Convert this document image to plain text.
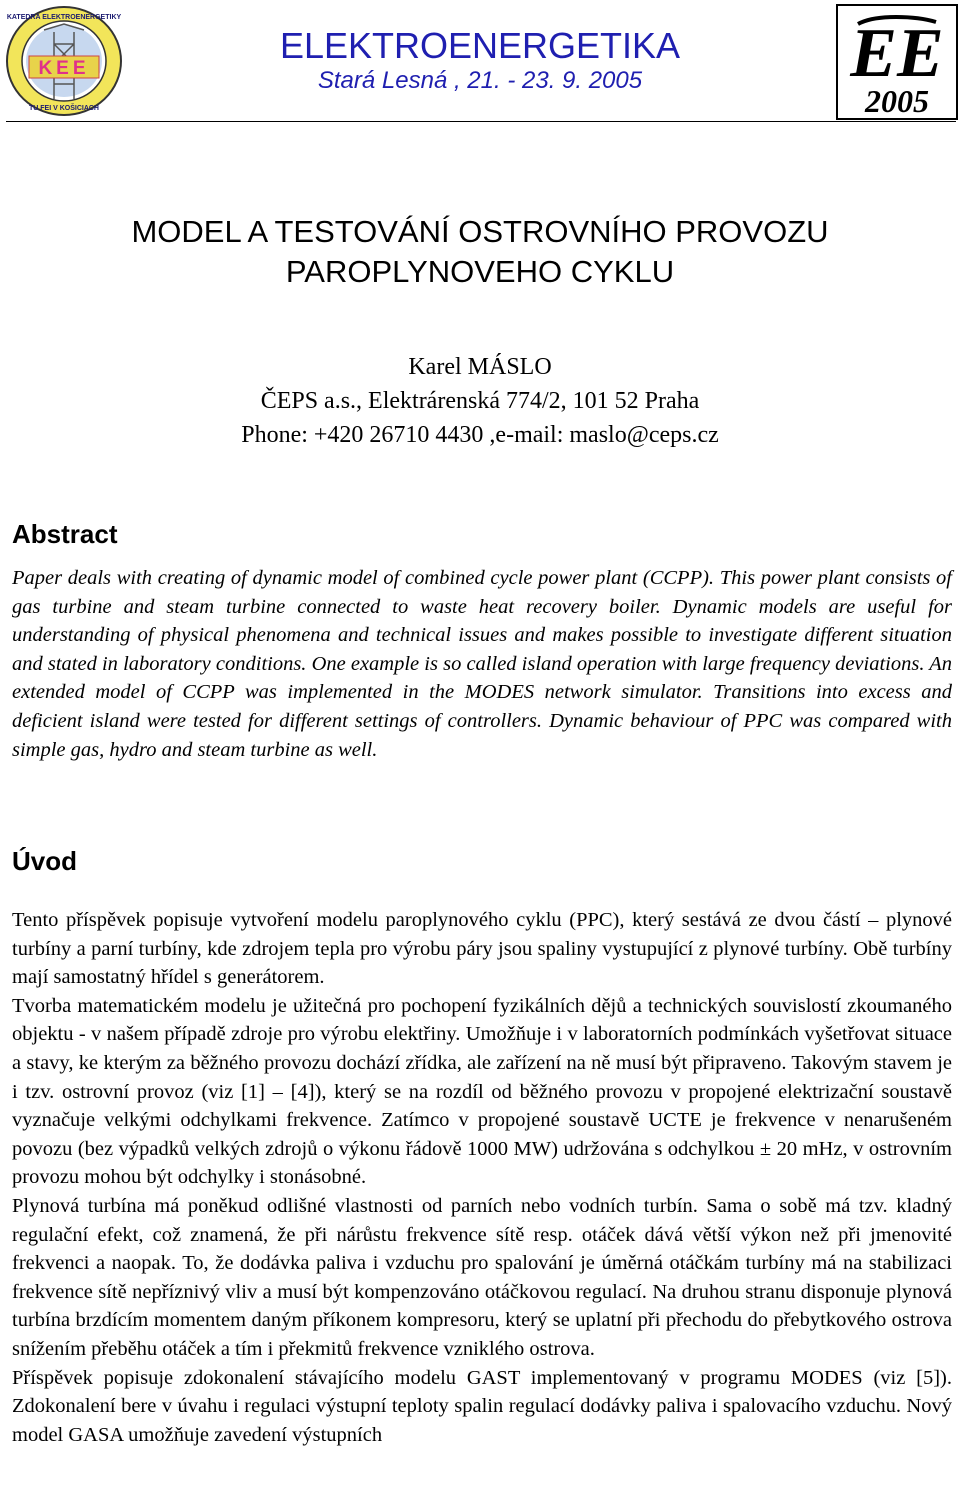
KEE
KATEDRA ELEKTROENERGETIKY
TU FEI V KOŠICIACH
ELEKTROENERGETIKA
Stará Lesná , 21. - 23. 9. 2005	EE
2005
MODEL A TESTOVÁNÍ OSTROVNÍHO PROVOZU
PAROPLYNOVEHO CYKLU
Karel MÁSLO
ČEPS a.s., Elektrárenská 774/2, 101 52 Praha
Phone: +420 26710 4430 ,e-mail: maslo@ceps.cz
Abstract

Paper deals with creating of dynamic model of combined cycle power plant (CCPP). This power plant consists of gas turbine and steam turbine connected to waste heat recovery boiler. Dynamic models are useful for understanding of physical phenomena and technical issues and makes possible to investigate different situation and stated in laboratory conditions. One example is so called island operation with large frequency deviations. An extended model of CCPP was implemented in the MODES network simulator. Transitions into excess and deficient island were tested for different settings of controllers. Dynamic behaviour of PPC was compared with simple gas, hydro and steam turbine as well.

Úvod

Tento příspěvek popisuje vytvoření modelu paroplynového cyklu (PPC), který sestává ze dvou částí – plynové turbíny a parní turbíny, kde zdrojem tepla pro výrobu páry jsou spaliny vystupující z plynové turbíny. Obě turbíny mají samostatný hřídel s generátorem.

Tvorba matematickém modelu je užitečná pro pochopení fyzikálních dějů a technických souvislostí zkoumaného objektu - v našem případě zdroje pro výrobu elektřiny. Umožňuje i v laboratorních podmínkách vyšetřovat situace a stavy, ke kterým za běžného provozu dochází zřídka, ale zařízení na ně musí být připraveno. Takovým stavem je i tzv. ostrovní provoz (viz [1] – [4]), který se na rozdíl od běžného provozu v propojené elektrizační soustavě vyznačuje velkými odchylkami frekvence. Zatímco v propojené soustavě UCTE je frekvence v nenarušeném povozu (bez výpadků velkých zdrojů o výkonu řádově 1000 MW) udržována s odchylkou ± 20 mHz, v ostrovním provozu mohou být odchylky i stonásobné.

Plynová turbína má poněkud odlišné vlastnosti od parních nebo vodních turbín. Sama o sobě má tzv. kladný regulační efekt, což znamená, že při nárůstu frekvence sítě resp. otáček dává větší výkon než při jmenovité frekvenci a naopak. To, že dodávka paliva i vzduchu pro spalování je úměrná otáčkám turbíny má na stabilizaci frekvence sítě nepříznivý vliv a musí být kompenzováno otáčkovou regulací. Na druhou stranu disponuje plynová turbína brzdícím momentem daným příkonem kompresoru, který se uplatní při přechodu do přebytkového ostrova snížením přeběhu otáček a tím i překmitů frekvence vzniklého ostrova.

Příspěvek popisuje zdokonalení stávajícího modelu GAST implementovaný v programu MODES (viz [5]). Zdokonalení bere v úvahu i regulaci výstupní teploty spalin regulací dodávky paliva i spalovacího vzduchu. Nový model GASA umožňuje zavedení výstupních
